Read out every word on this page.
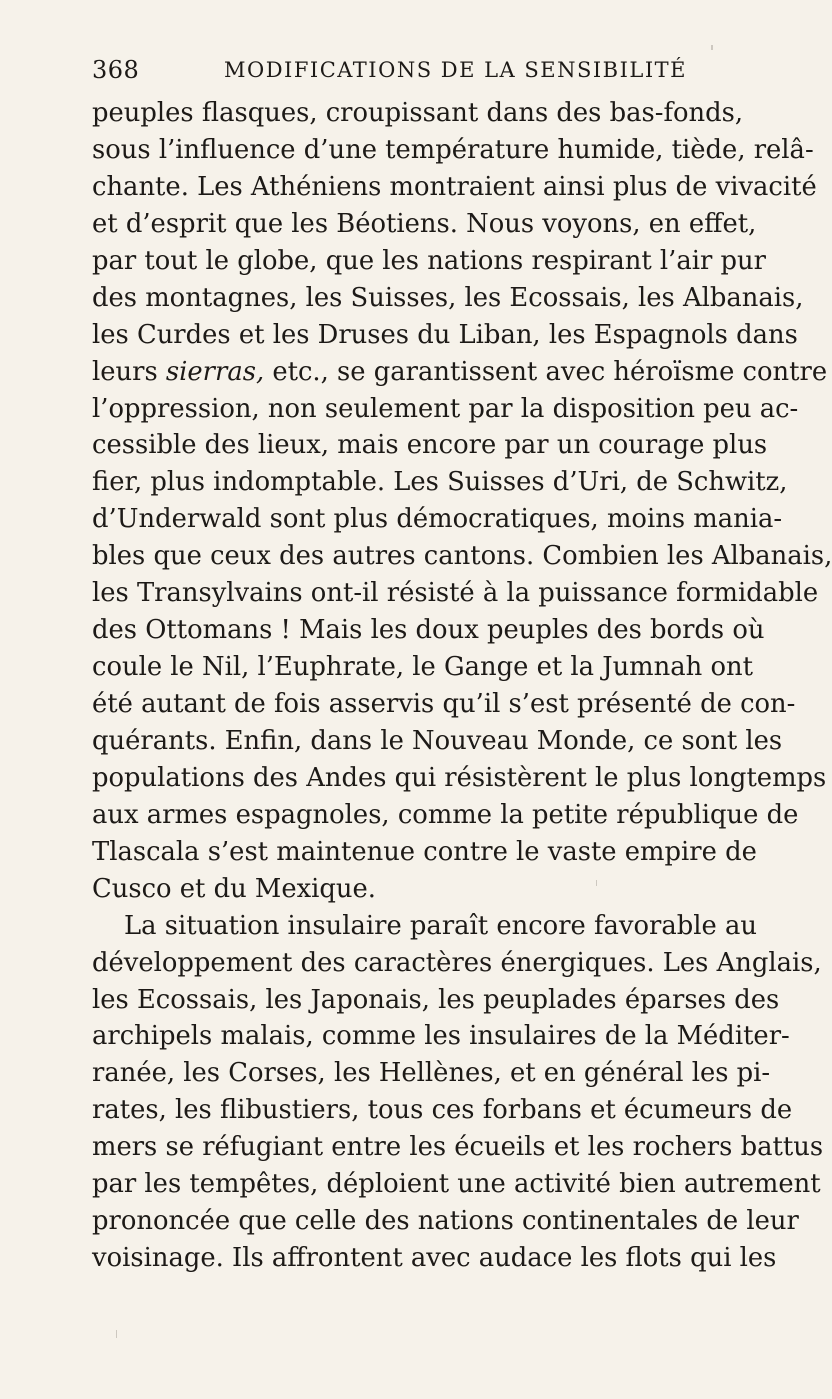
368	MODIFICATIONS DE LA SENSIBILITÉ
peuples flasques, croupissant dans des bas-fonds,
sous l’influence d’une température humide, tiède, relâ-
chante. Les Athéniens montraient ainsi plus de vivacité
et d’esprit que les Béotiens. Nous voyons, en effet,
par tout le globe, que les nations respirant l’air pur
des montagnes, les Suisses, les Ecossais, les Albanais,
les Curdes et les Druses du Liban, les Espagnols dans
leurs sierras, etc., se garantissent avec héroïsme contre
l’oppression, non seulement par la disposition peu ac-
cessible des lieux, mais encore par un courage plus
fier, plus indomptable. Les Suisses d’Uri, de Schwitz,
d’Underwald sont plus démocratiques, moins mania-
bles que ceux des autres cantons. Combien les Albanais,
les Transylvains ont-il résisté à la puissance formidable
des Ottomans ! Mais les doux peuples des bords où
coule le Nil, l’Euphrate, le Gange et la Jumnah ont
été autant de fois asservis qu’il s’est présenté de con-
quérants. Enfin, dans le Nouveau Monde, ce sont les
populations des Andes qui résistèrent le plus longtemps
aux armes espagnoles, comme la petite république de
Tlascala s’est maintenue contre le vaste empire de
Cusco et du Mexique.
La situation insulaire paraît encore favorable au
développement des caractères énergiques. Les Anglais,
les Ecossais, les Japonais, les peuplades éparses des
archipels malais, comme les insulaires de la Méditer-
ranée, les Corses, les Hellènes, et en général les pi-
rates, les flibustiers, tous ces forbans et écumeurs de
mers se réfugiant entre les écueils et les rochers battus
par les tempêtes, déploient une activité bien autrement
prononcée que celle des nations continentales de leur
voisinage. Ils affrontent avec audace les flots qui les
